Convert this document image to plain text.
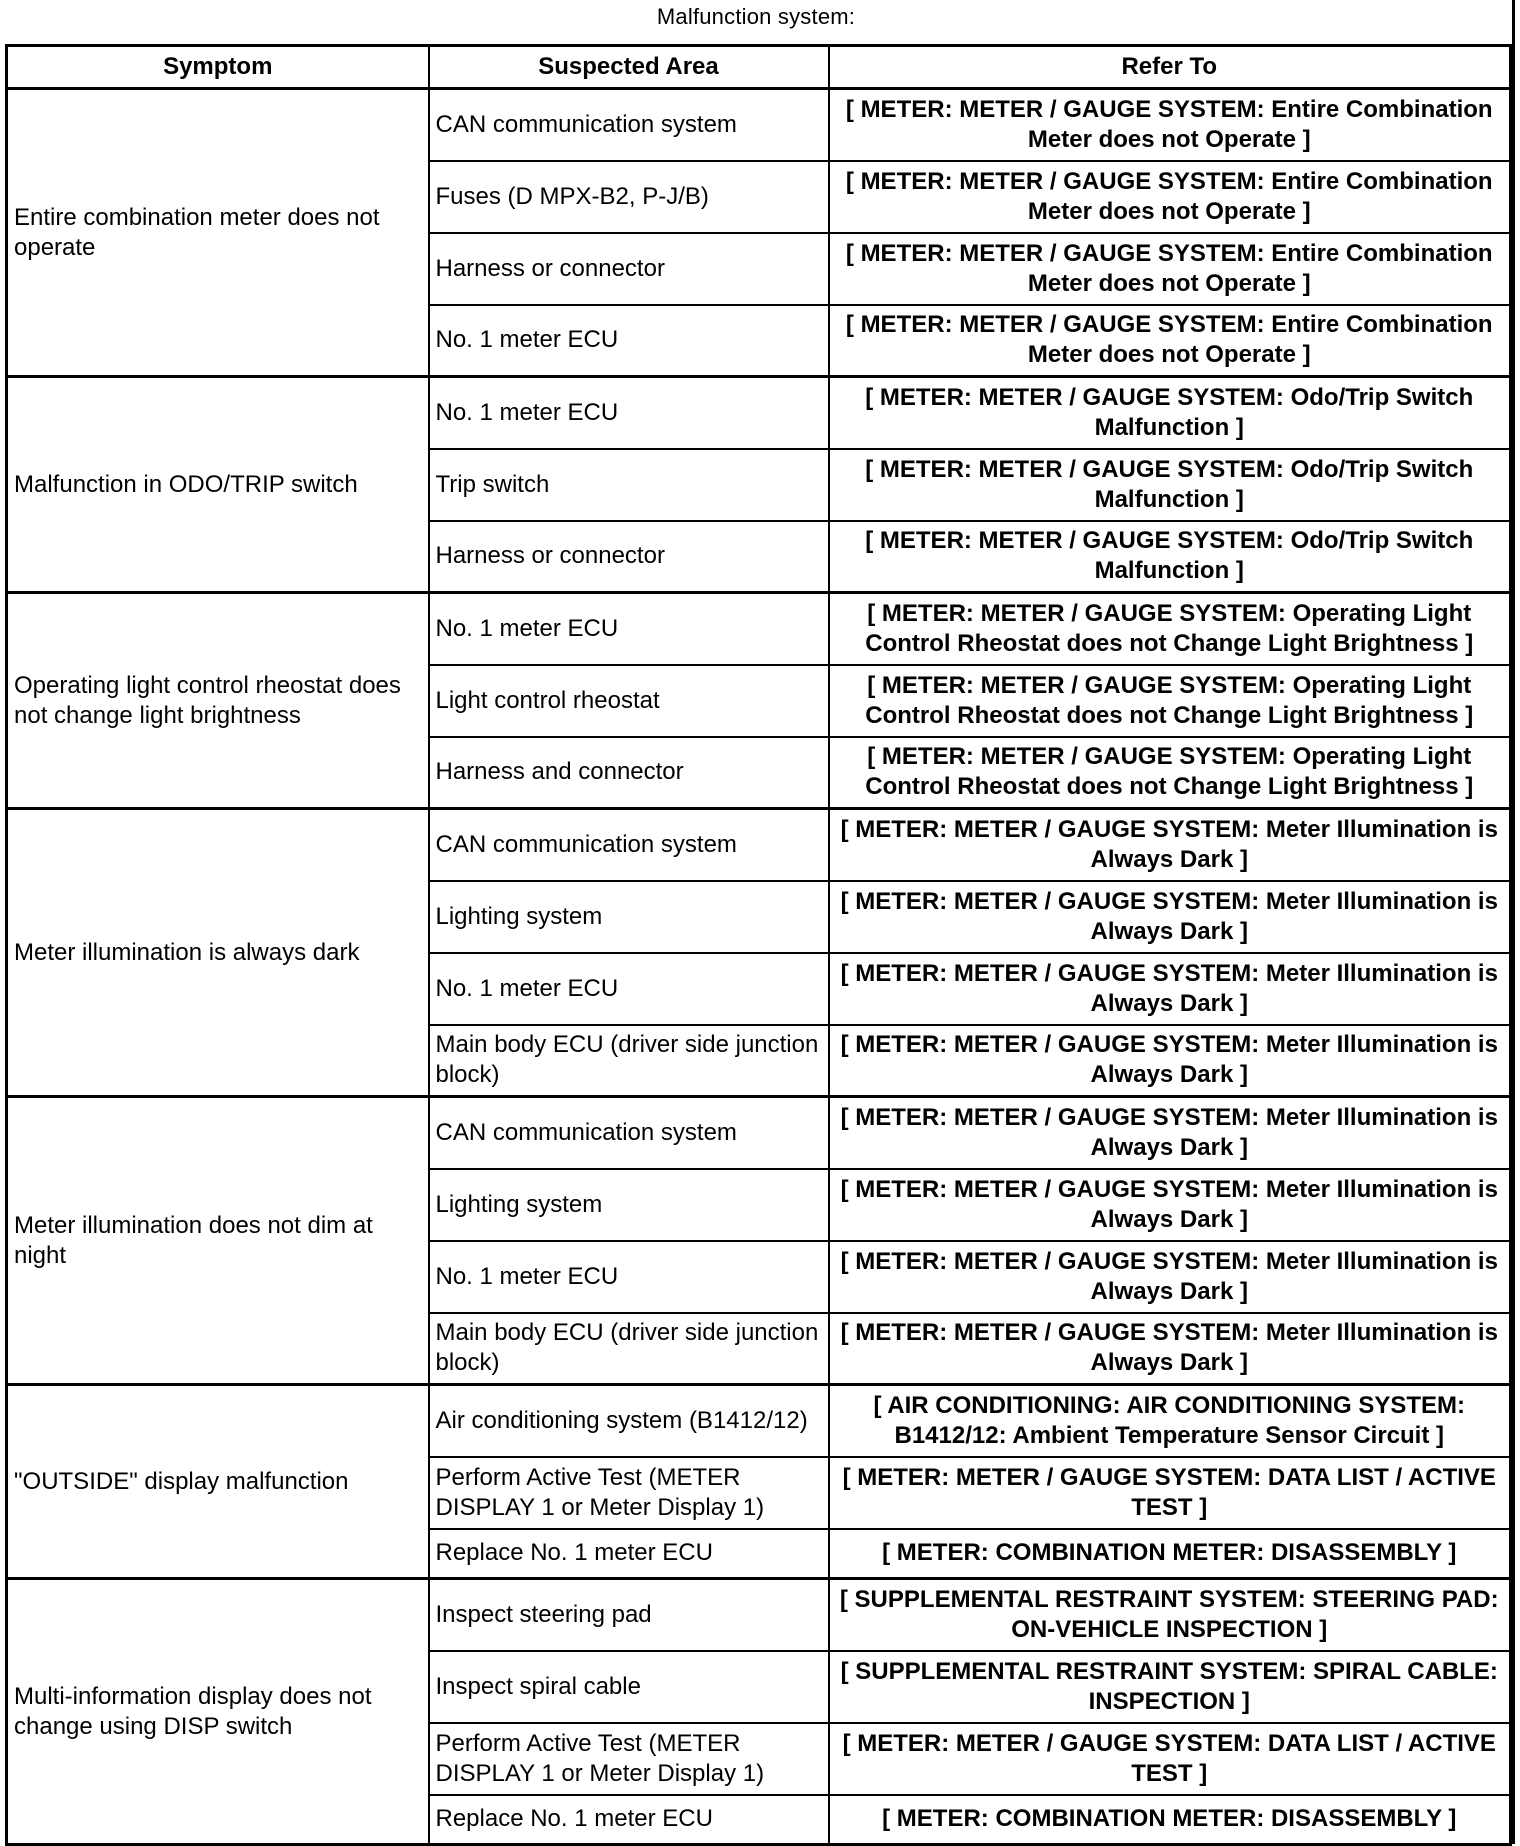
Malfunction system:
Symptom	Suspected Area	Refer To
Entire combination meter does not operate	CAN communication system	[ METER: METER / GAUGE SYSTEM: Entire Combination Meter does not Operate ]
	Fuses (D MPX-B2, P-J/B)	[ METER: METER / GAUGE SYSTEM: Entire Combination Meter does not Operate ]
	Harness or connector	[ METER: METER / GAUGE SYSTEM: Entire Combination Meter does not Operate ]
	No. 1 meter ECU	[ METER: METER / GAUGE SYSTEM: Entire Combination Meter does not Operate ]
Malfunction in ODO/TRIP switch	No. 1 meter ECU	[ METER: METER / GAUGE SYSTEM: Odo/Trip Switch Malfunction ]
	Trip switch	[ METER: METER / GAUGE SYSTEM: Odo/Trip Switch Malfunction ]
	Harness or connector	[ METER: METER / GAUGE SYSTEM: Odo/Trip Switch Malfunction ]
Operating light control rheostat does not change light brightness	No. 1 meter ECU	[ METER: METER / GAUGE SYSTEM: Operating Light Control Rheostat does not Change Light Brightness ]
	Light control rheostat	[ METER: METER / GAUGE SYSTEM: Operating Light Control Rheostat does not Change Light Brightness ]
	Harness and connector	[ METER: METER / GAUGE SYSTEM: Operating Light Control Rheostat does not Change Light Brightness ]
Meter illumination is always dark	CAN communication system	[ METER: METER / GAUGE SYSTEM: Meter Illumination is Always Dark ]
	Lighting system	[ METER: METER / GAUGE SYSTEM: Meter Illumination is Always Dark ]
	No. 1 meter ECU	[ METER: METER / GAUGE SYSTEM: Meter Illumination is Always Dark ]
	Main body ECU (driver side junction block)	[ METER: METER / GAUGE SYSTEM: Meter Illumination is Always Dark ]
Meter illumination does not dim at night	CAN communication system	[ METER: METER / GAUGE SYSTEM: Meter Illumination is Always Dark ]
	Lighting system	[ METER: METER / GAUGE SYSTEM: Meter Illumination is Always Dark ]
	No. 1 meter ECU	[ METER: METER / GAUGE SYSTEM: Meter Illumination is Always Dark ]
	Main body ECU (driver side junction block)	[ METER: METER / GAUGE SYSTEM: Meter Illumination is Always Dark ]
"OUTSIDE" display malfunction	Air conditioning system (B1412/12)	[ AIR CONDITIONING: AIR CONDITIONING SYSTEM: B1412/12: Ambient Temperature Sensor Circuit ]
	Perform Active Test (METER DISPLAY 1 or Meter Display 1)	[ METER: METER / GAUGE SYSTEM: DATA LIST / ACTIVE TEST ]
	Replace No. 1 meter ECU	[ METER: COMBINATION METER: DISASSEMBLY ]
Multi-information display does not change using DISP switch	Inspect steering pad	[ SUPPLEMENTAL RESTRAINT SYSTEM: STEERING PAD: ON-VEHICLE INSPECTION ]
	Inspect spiral cable	[ SUPPLEMENTAL RESTRAINT SYSTEM: SPIRAL CABLE: INSPECTION ]
	Perform Active Test (METER DISPLAY 1 or Meter Display 1)	[ METER: METER / GAUGE SYSTEM: DATA LIST / ACTIVE TEST ]
	Replace No. 1 meter ECU	[ METER: COMBINATION METER: DISASSEMBLY ]
